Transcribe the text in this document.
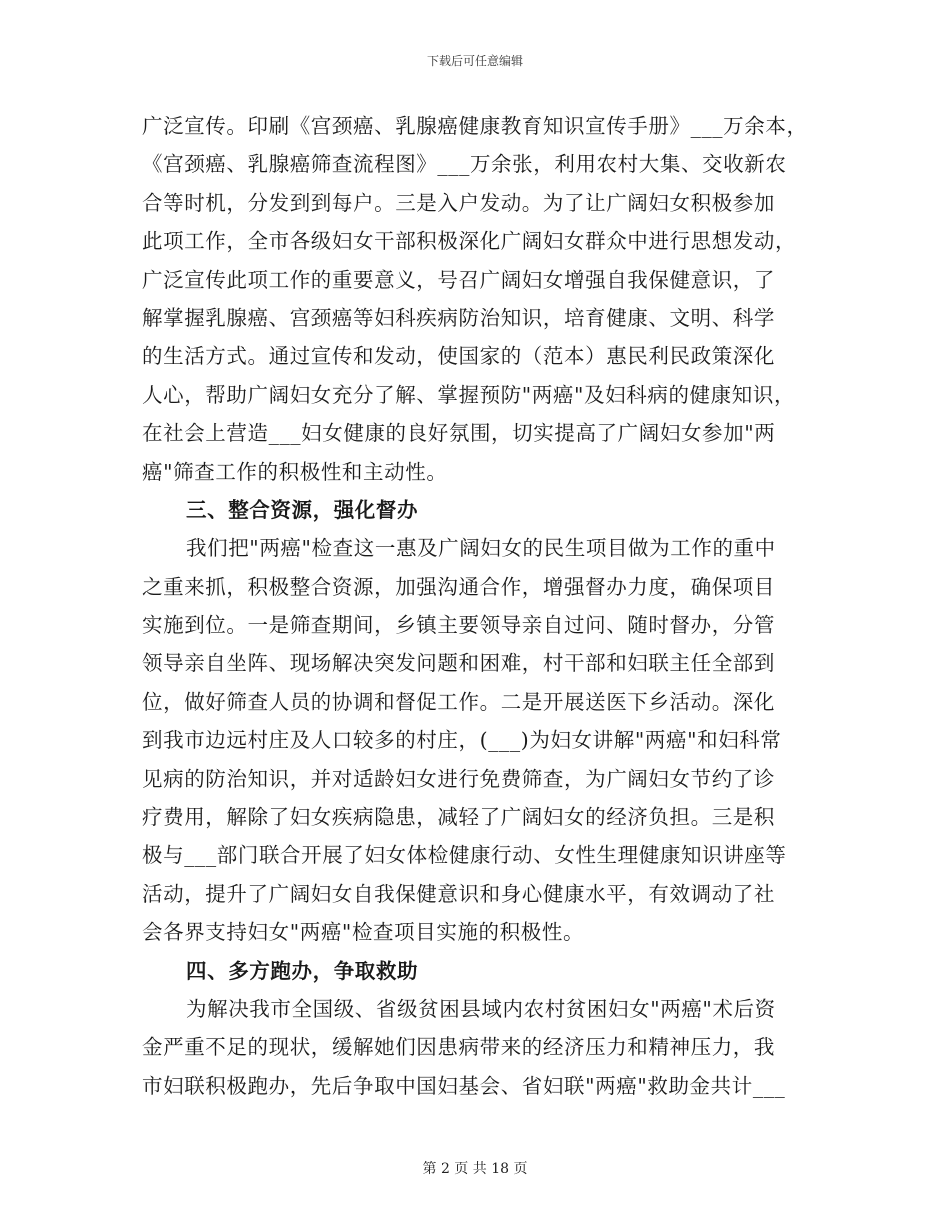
下载后可任意编辑
广泛宣传。印刷《宫颈癌、乳腺癌健康教育知识宣传手册》___万余本，
《宫颈癌、乳腺癌筛查流程图》___万余张，利用农村大集、交收新农
合等时机，分发到到每户。三是入户发动。为了让广阔妇女积极参加
此项工作，全市各级妇女干部积极深化广阔妇女群众中进行思想发动，
广泛宣传此项工作的重要意义，号召广阔妇女增强自我保健意识，了
解掌握乳腺癌、宫颈癌等妇科疾病防治知识，培育健康、文明、科学
的生活方式。通过宣传和发动，使国家的（范本）惠民利民政策深化
人心，帮助广阔妇女充分了解、掌握预防"两癌"及妇科病的健康知识，
在社会上营造___妇女健康的良好氛围，切实提高了广阔妇女参加"两
癌"筛查工作的积极性和主动性。
三、整合资源，强化督办
我们把"两癌"检查这一惠及广阔妇女的民生项目做为工作的重中
之重来抓，积极整合资源，加强沟通合作，增强督办力度，确保项目
实施到位。一是筛查期间，乡镇主要领导亲自过问、随时督办，分管
领导亲自坐阵、现场解决突发问题和困难，村干部和妇联主任全部到
位，做好筛查人员的协调和督促工作。二是开展送医下乡活动。深化
到我市边远村庄及人口较多的村庄，(___)为妇女讲解"两癌"和妇科常
见病的防治知识，并对适龄妇女进行免费筛查，为广阔妇女节约了诊
疗费用，解除了妇女疾病隐患，减轻了广阔妇女的经济负担。三是积
极与___部门联合开展了妇女体检健康行动、女性生理健康知识讲座等
活动，提升了广阔妇女自我保健意识和身心健康水平，有效调动了社
会各界支持妇女"两癌"检查项目实施的积极性。
四、多方跑办，争取救助
为解决我市全国级、省级贫困县域内农村贫困妇女"两癌"术后资
金严重不足的现状，缓解她们因患病带来的经济压力和精神压力，我
市妇联积极跑办，先后争取中国妇基会、省妇联"两癌"救助金共计___
第 2 页 共 18 页
